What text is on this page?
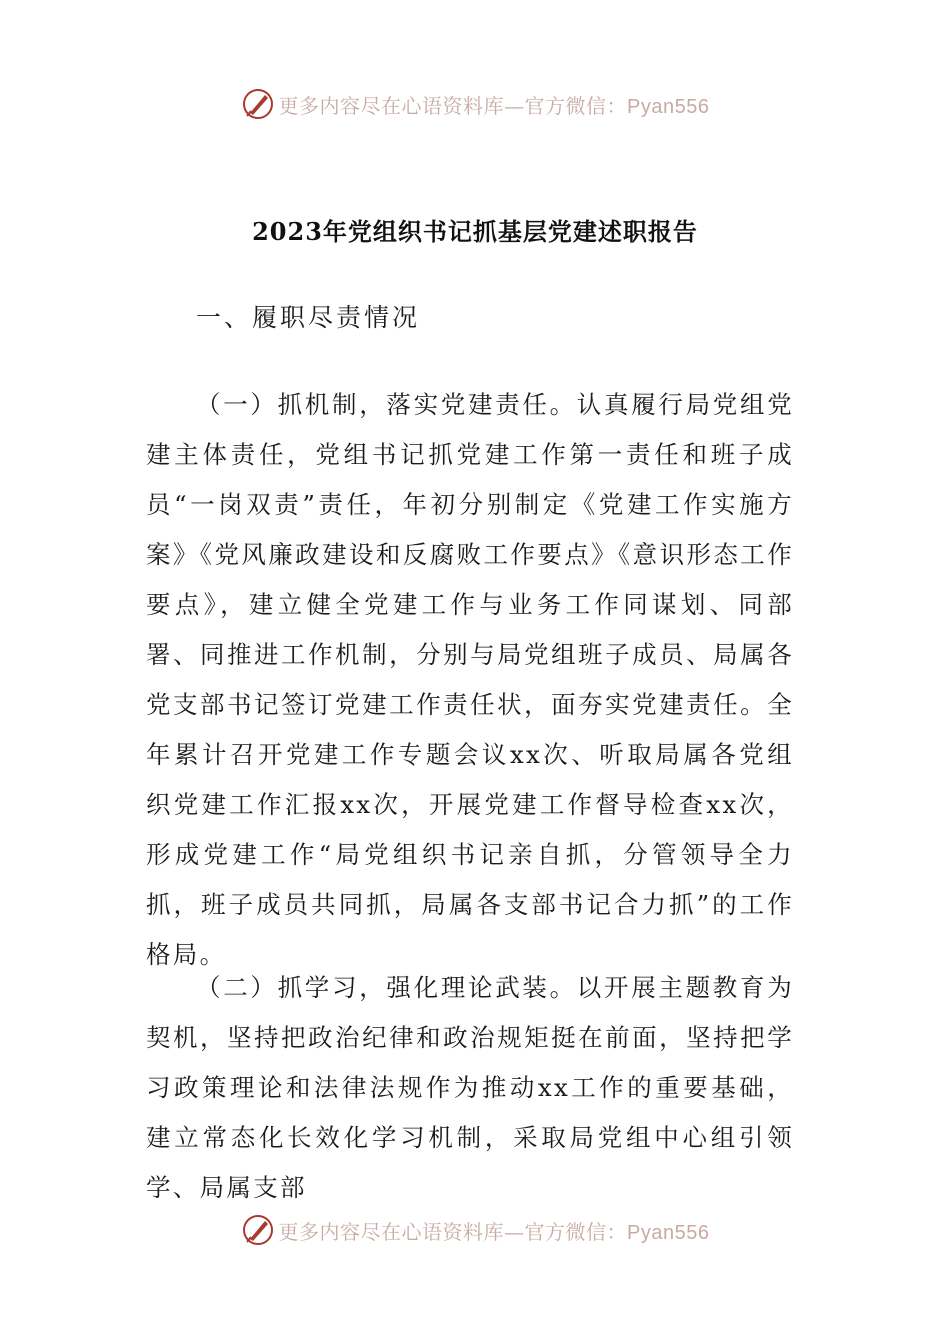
更多内容尽在心语资料库—官方微信：Pyan556
2023年党组织书记抓基层党建述职报告
一、履职尽责情况

（一）抓机制，落实党建责任。认真履行局党组党建主体责任，党组书记抓党建工作第一责任和班子成员“一岗双责”责任，年初分别制定《党建工作实施方案》《党风廉政建设和反腐败工作要点》《意识形态工作要点》，建立健全党建工作与业务工作同谋划、同部署、同推进工作机制，分别与局党组班子成员、局属各党支部书记签订党建工作责任状，面夯实党建责任。全年累计召开党建工作专题会议xx次、听取局属各党组织党建工作汇报xx次，开展党建工作督导检查xx次，形成党建工作“局党组织书记亲自抓，分管领导全力抓，班子成员共同抓，局属各支部书记合力抓”的工作格局。

（二）抓学习，强化理论武装。以开展主题教育为契机，坚持把政治纪律和政治规矩挺在前面，坚持把学习政策理论和法律法规作为推动xx工作的重要基础，建立常态化长效化学习机制，采取局党组中心组引领学、局属支部

更多内容尽在心语资料库—官方微信：Pyan556
